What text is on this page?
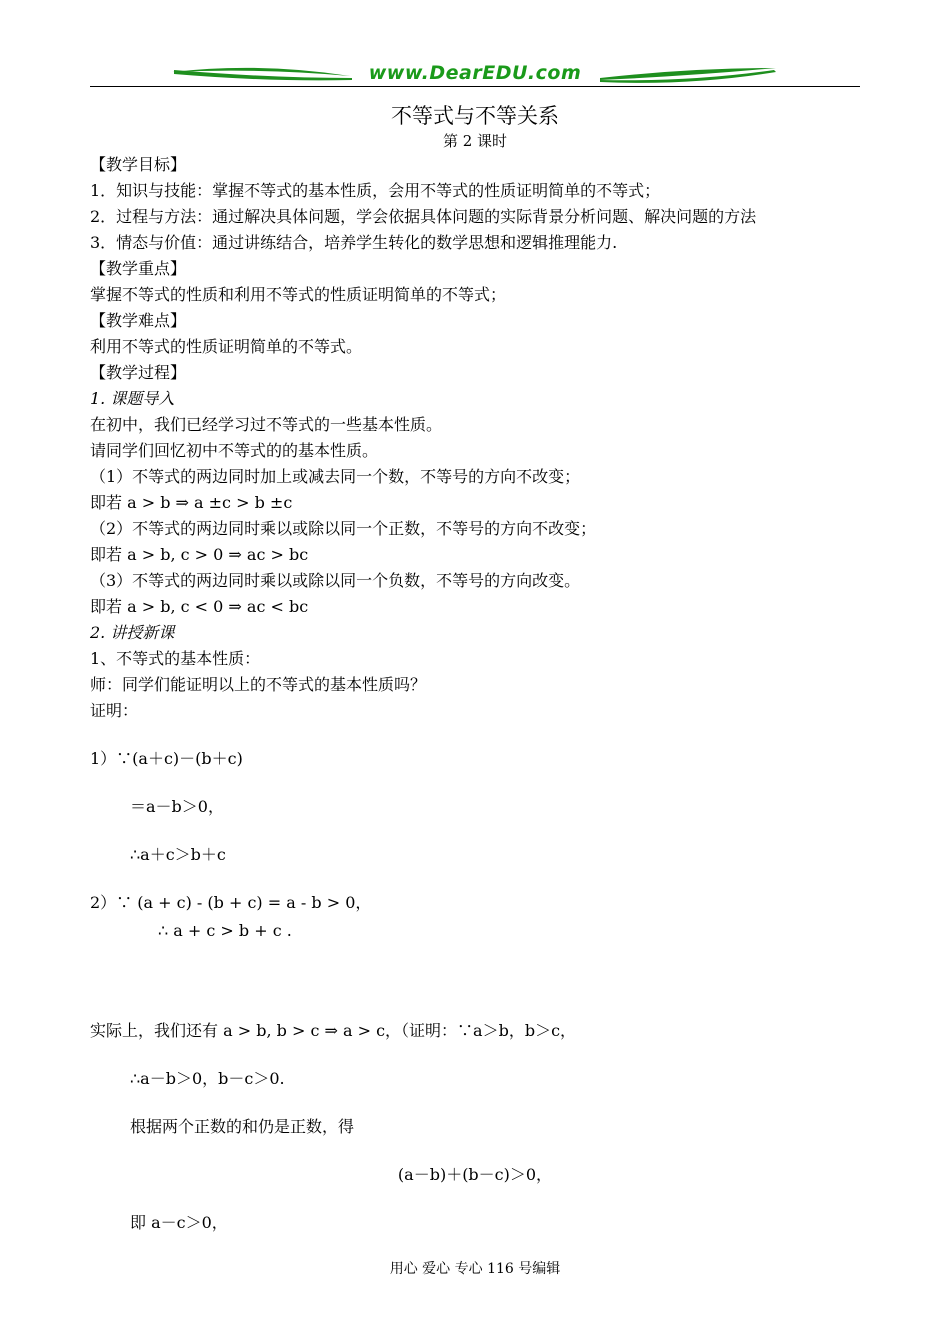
www.DearEDU.com
不等式与不等关系
第 2 课时
【教学目标】
1．知识与技能：掌握不等式的基本性质，会用不等式的性质证明简单的不等式；
2．过程与方法：通过解决具体问题，学会依据具体问题的实际背景分析问题、解决问题的方法
3．情态与价值：通过讲练结合，培养学生转化的数学思想和逻辑推理能力.
【教学重点】
掌握不等式的性质和利用不等式的性质证明简单的不等式；
【教学难点】
利用不等式的性质证明简单的不等式。
【教学过程】
1. 课题导入
在初中，我们已经学习过不等式的一些基本性质。
请同学们回忆初中不等式的的基本性质。
（1）不等式的两边同时加上或减去同一个数，不等号的方向不改变；
即若 a > b ⇒ a ±c > b ±c
（2）不等式的两边同时乘以或除以同一个正数，不等号的方向不改变；
即若 a > b, c > 0 ⇒ ac > bc
（3）不等式的两边同时乘以或除以同一个负数，不等号的方向改变。
即若 a > b, c < 0 ⇒ ac < bc
2. 讲授新课
1、不等式的基本性质：
师：同学们能证明以上的不等式的基本性质吗？
证明：
1）∵(a＋c)－(b＋c)
＝a－b＞0，
∴a＋c＞b＋c
2）∵ (a + c) - (b + c) = a - b > 0，
∴ a + c > b + c .
实际上，我们还有 a > b, b > c ⇒ a > c，（证明：∵a＞b，b＞c，
∴a－b＞0，b－c＞0.
根据两个正数的和仍是正数，得
(a－b)＋(b－c)＞0，
即 a－c＞0，
用心 爱心 专心 116 号编辑
